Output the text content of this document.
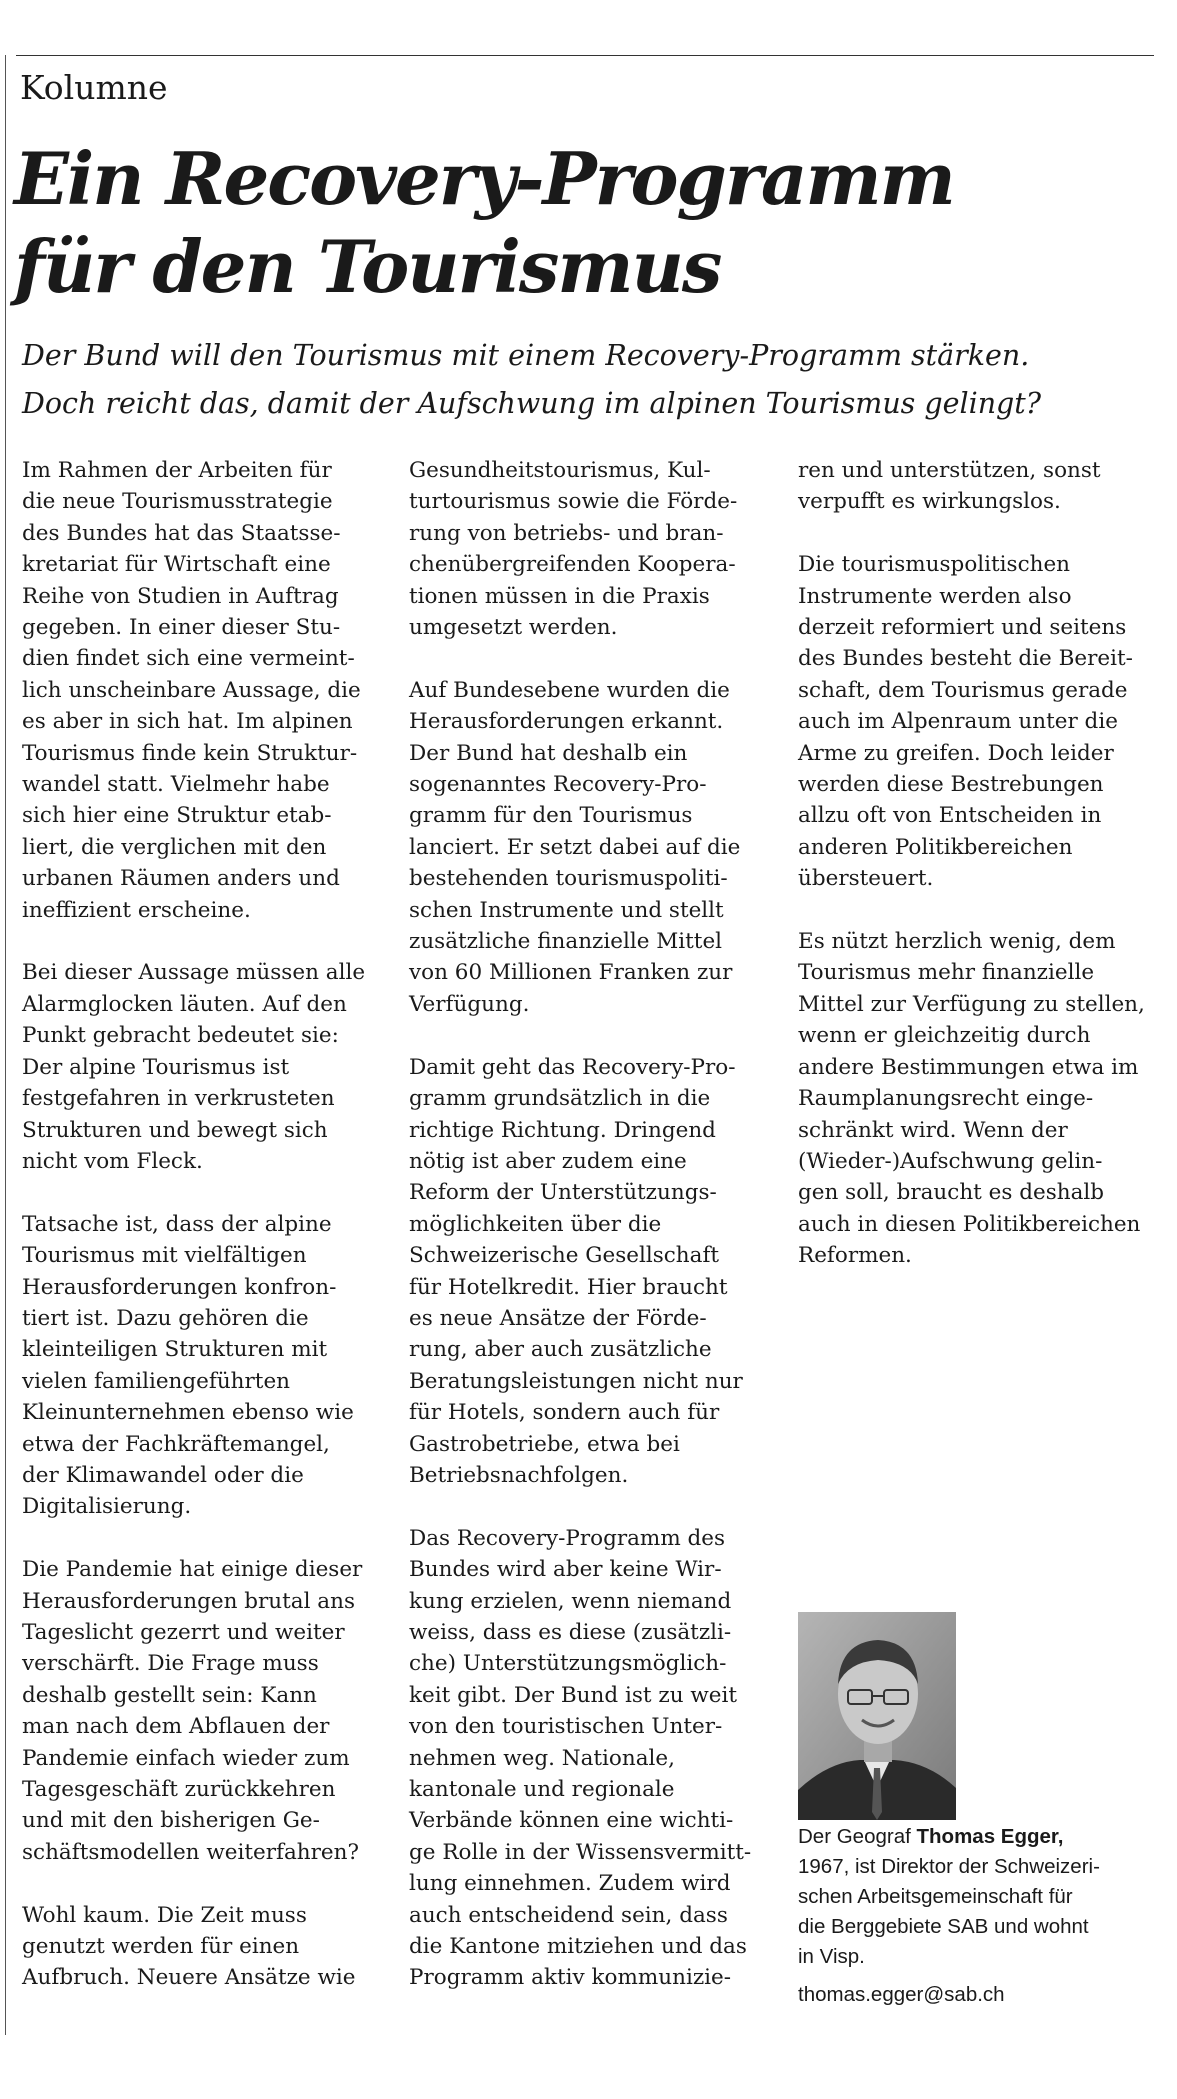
Kolumne
Ein Recovery-Programm
für den Tourismus

Der Bund will den Tourismus mit einem Recovery-Programm stärken.
Doch reicht das, damit der Aufschwung im alpinen Tourismus gelingt?

Im Rahmen der Arbeiten für
die neue Tourismusstrategie
des Bundes hat das Staatsse-
kretariat für Wirtschaft eine
Reihe von Studien in Auftrag
gegeben. In einer dieser Stu-
dien findet sich eine vermeint-
lich unscheinbare Aussage, die
es aber in sich hat. Im alpinen
Tourismus finde kein Struktur-
wandel statt. Vielmehr habe
sich hier eine Struktur etab-
liert, die verglichen mit den
urbanen Räumen anders und
ineffizient erscheine.

Bei dieser Aussage müssen alle
Alarmglocken läuten. Auf den
Punkt gebracht bedeutet sie:
Der alpine Tourismus ist
festgefahren in verkrusteten
Strukturen und bewegt sich
nicht vom Fleck.

Tatsache ist, dass der alpine
Tourismus mit vielfältigen
Herausforderungen konfron-
tiert ist. Dazu gehören die
kleinteiligen Strukturen mit
vielen familiengeführten
Kleinunternehmen ebenso wie
etwa der Fachkräftemangel,
der Klimawandel oder die
Digitalisierung.

Die Pandemie hat einige dieser
Herausforderungen brutal ans
Tageslicht gezerrt und weiter
verschärft. Die Frage muss
deshalb gestellt sein: Kann
man nach dem Abflauen der
Pandemie einfach wieder zum
Tagesgeschäft zurückkehren
und mit den bisherigen Ge-
schäftsmodellen weiterfahren?

Wohl kaum. Die Zeit muss
genutzt werden für einen
Aufbruch. Neuere Ansätze wie

Gesundheitstourismus, Kul-
turtourismus sowie die Förde-
rung von betriebs- und bran-
chenübergreifenden Koopera-
tionen müssen in die Praxis
umgesetzt werden.

Auf Bundesebene wurden die
Herausforderungen erkannt.
Der Bund hat deshalb ein
sogenanntes Recovery-Pro-
gramm für den Tourismus
lanciert. Er setzt dabei auf die
bestehenden tourismuspoliti-
schen Instrumente und stellt
zusätzliche finanzielle Mittel
von 60 Millionen Franken zur
Verfügung.

Damit geht das Recovery-Pro-
gramm grundsätzlich in die
richtige Richtung. Dringend
nötig ist aber zudem eine
Reform der Unterstützungs-
möglichkeiten über die
Schweizerische Gesellschaft
für Hotelkredit. Hier braucht
es neue Ansätze der Förde-
rung, aber auch zusätzliche
Beratungsleistungen nicht nur
für Hotels, sondern auch für
Gastrobetriebe, etwa bei
Betriebsnachfolgen.

Das Recovery-Programm des
Bundes wird aber keine Wir-
kung erzielen, wenn niemand
weiss, dass es diese (zusätzli-
che) Unterstützungsmöglich-
keit gibt. Der Bund ist zu weit
von den touristischen Unter-
nehmen weg. Nationale,
kantonale und regionale
Verbände können eine wichti-
ge Rolle in der Wissensvermitt-
lung einnehmen. Zudem wird
auch entscheidend sein, dass
die Kantone mitziehen und das
Programm aktiv kommunizie-

ren und unterstützen, sonst
verpufft es wirkungslos.

Die tourismuspolitischen
Instrumente werden also
derzeit reformiert und seitens
des Bundes besteht die Bereit-
schaft, dem Tourismus gerade
auch im Alpenraum unter die
Arme zu greifen. Doch leider
werden diese Bestrebungen
allzu oft von Entscheiden in
anderen Politikbereichen
übersteuert.

Es nützt herzlich wenig, dem
Tourismus mehr finanzielle
Mittel zur Verfügung zu stellen,
wenn er gleichzeitig durch
andere Bestimmungen etwa im
Raumplanungsrecht einge-
schränkt wird. Wenn der
(Wieder-)Aufschwung gelin-
gen soll, braucht es deshalb
auch in diesen Politikbereichen
Reformen.

Der Geograf Thomas Egger,
1967, ist Direktor der Schweizeri-
schen Arbeitsgemeinschaft für
die Berggebiete SAB und wohnt
in Visp.
thomas.egger@sab.ch
